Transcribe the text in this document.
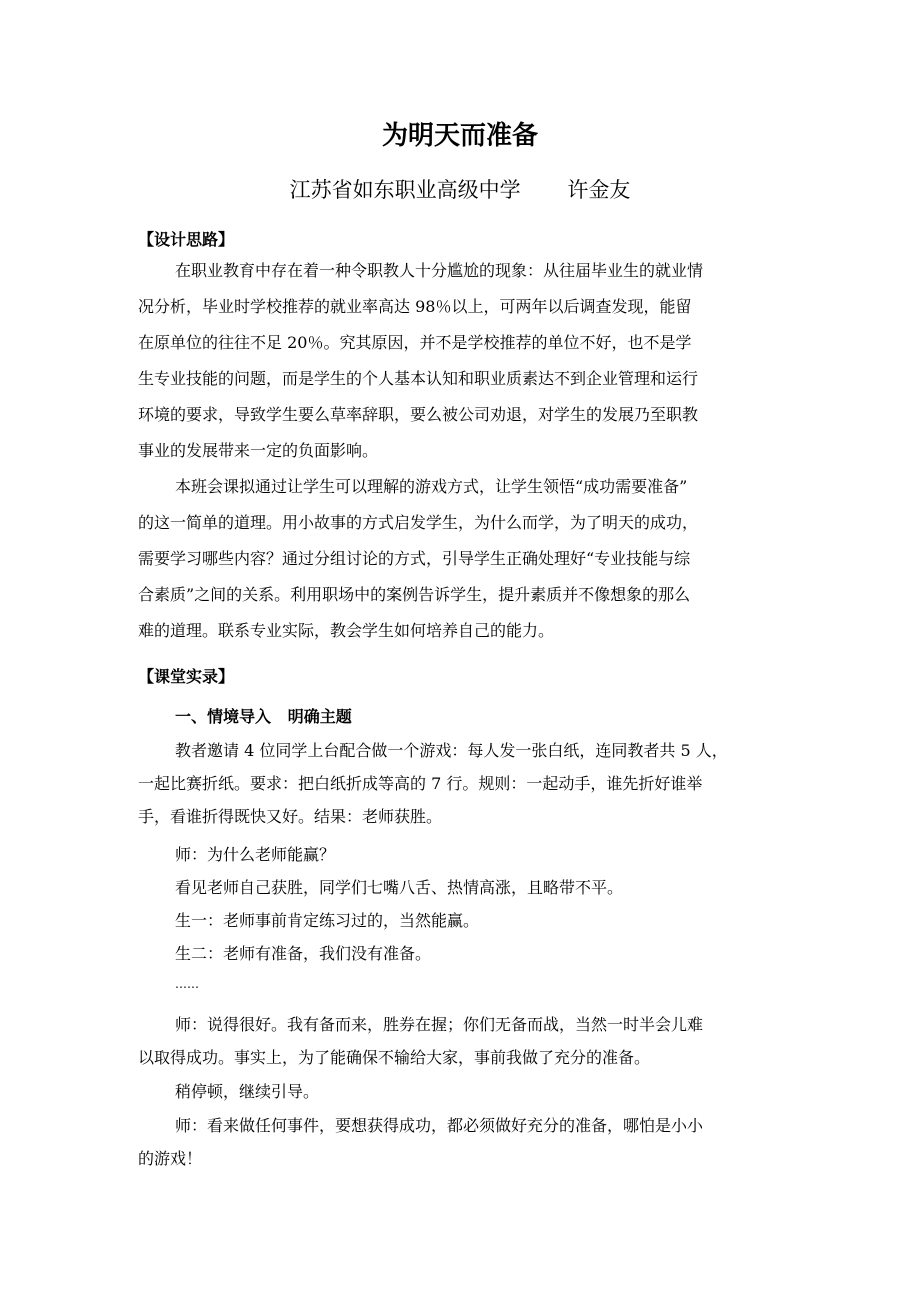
为明天而准备
江苏省如东职业高级中学       许金友
【设计思路】
在职业教育中存在着一种令职教人十分尴尬的现象：从往届毕业生的就业情
况分析，毕业时学校推荐的就业率高达 98％以上，可两年以后调查发现，能留
在原单位的往往不足 20％。究其原因，并不是学校推荐的单位不好，也不是学
生专业技能的问题，而是学生的个人基本认知和职业质素达不到企业管理和运行
环境的要求，导致学生要么草率辞职，要么被公司劝退，对学生的发展乃至职教
事业的发展带来一定的负面影响。
本班会课拟通过让学生可以理解的游戏方式，让学生领悟“成功需要准备”
的这一简单的道理。用小故事的方式启发学生，为什么而学，为了明天的成功，
需要学习哪些内容？通过分组讨论的方式，引导学生正确处理好“专业技能与综
合素质”之间的关系。利用职场中的案例告诉学生，提升素质并不像想象的那么
难的道理。联系专业实际，教会学生如何培养自己的能力。
【课堂实录】
一、情境导入   明确主题
教者邀请 4 位同学上台配合做一个游戏：每人发一张白纸，连同教者共 5 人，
一起比赛折纸。要求：把白纸折成等高的 7 行。规则：一起动手，谁先折好谁举
手，看谁折得既快又好。结果：老师获胜。
师：为什么老师能赢？
看见老师自己获胜，同学们七嘴八舌、热情高涨，且略带不平。
生一：老师事前肯定练习过的，当然能赢。
生二：老师有准备，我们没有准备。
……
师：说得很好。我有备而来，胜券在握；你们无备而战，当然一时半会儿难
以取得成功。事实上，为了能确保不输给大家，事前我做了充分的准备。
稍停顿，继续引导。
师：看来做任何事件，要想获得成功，都必须做好充分的准备，哪怕是小小
的游戏！
